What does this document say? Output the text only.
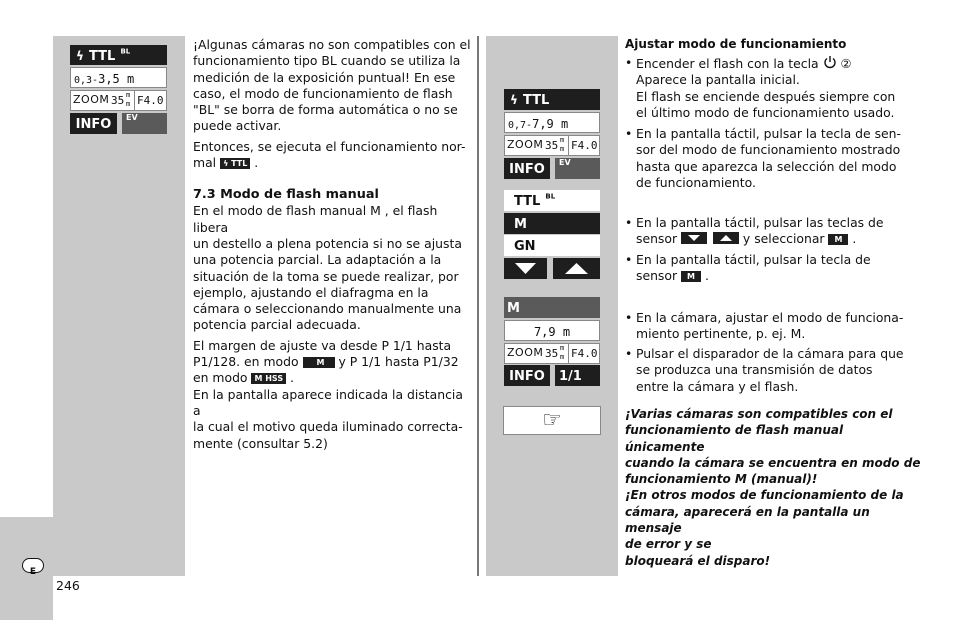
ϟ TTL $^{BL}$
0,3-3,5 m
ZOOM 35 m
m F4.0
INFO	EV
¡Algunas cámaras no son compatibles con el
funcionamiento tipo BL cuando se utiliza la
medición de la exposición puntual! En ese
caso, el modo de funcionamiento de flash
"BL" se borra de forma automática o no se
puede activar.
Entonces, se ejecuta el funcionamiento nor-
mal ϟ TTL .
7.3 Modo de flash manual
En el modo de flash manual M , el flash libera
un destello a plena potencia si no se ajusta
una potencia parcial. La adaptación a la
situación de la toma se puede realizar, por
ejemplo, ajustando el diafragma en la
cámara o seleccionando manualmente una
potencia parcial adecuada.
El margen de ajuste va desde P 1/1 hasta
P1/128. en modo M y P 1/1 hasta P1/32
en modo M HSS .
En la pantalla aparece indicada la distancia a
la cual el motivo queda iluminado correcta-
mente (consultar 5.2)
ϟ TTL
0,7-7,9 m
ZOOM 35 m
m F4.0
INFO	EV
TTL $^{BL}$
M
GN
M
7,9 m
ZOOM 35 m
m F4.0
INFO	1/1
☞
Ajustar modo de funcionamiento
• Encender el flash con la tecla ②
Aparece la pantalla inicial.
El flash se enciende después siempre con
el último modo de funcionamiento usado.
• En la pantalla táctil, pulsar la tecla de sen-
sor del modo de funcionamiento mostrado
hasta que aparezca la selección del modo
de funcionamiento.
• En la pantalla táctil, pulsar las teclas de
sensor
	y seleccionar M .
• En la pantalla táctil, pulsar la tecla de
sensor M .
• En la cámara, ajustar el modo de funciona-
miento pertinente, p. ej. M.
• Pulsar el disparador de la cámara para que
se produzca una transmisión de datos
entre la cámara y el flash.
¡Varias cámaras son compatibles con el
funcionamiento de flash manual únicamente
cuando la cámara se encuentra en modo de
funcionamiento M (manual)!
¡En otros modos de funcionamiento de la
cámara, aparecerá en la pantalla un mensaje
de error y se
bloqueará el disparo!
E
246
